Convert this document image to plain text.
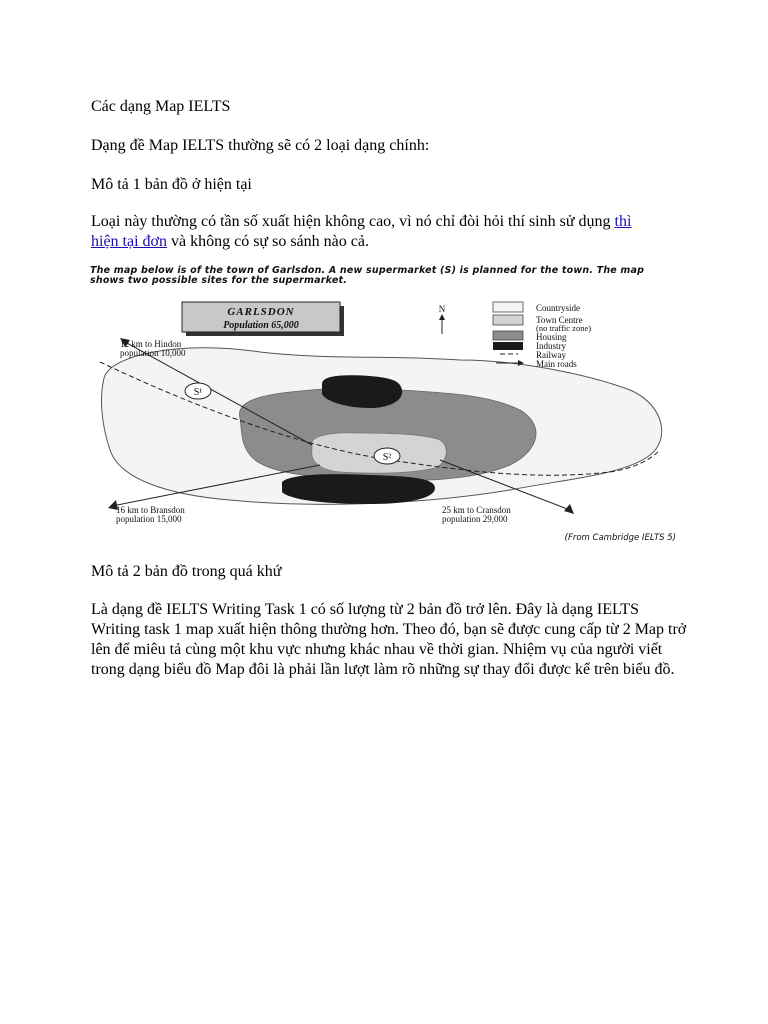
Các dạng Map IELTS

Dạng đề Map IELTS thường sẽ có 2 loại dạng chính:

Mô tả 1 bản đồ ở hiện tại

Loại này thường có tần số xuất hiện không cao, vì nó chỉ đòi hỏi thí sinh sử dụng thì hiện tại đơn và không có sự so sánh nào cả.

The map below is of the town of Garlsdon. A new supermarket (S) is planned for the town. The map shows two possible sites for the supermarket.
S¹
S²
GARLSDON
Population 65,000
N	Countryside
Town Centre
(no traffic zone)
Housing
Industry
Railway
Main roads
12 km to Hindon
population 10,000
16 km to Bransdon
population 15,000
25 km to Cransdon
population 29,000
(From Cambridge IELTS 5)

Mô tả 2 bản đồ trong quá khứ

Là dạng đề IELTS Writing Task 1 có số lượng từ 2 bản đồ trở lên. Đây là dạng IELTS Writing task 1 map xuất hiện thông thường hơn. Theo đó, bạn sẽ được cung cấp từ 2 Map trở lên để miêu tả cùng một khu vực nhưng khác nhau về thời gian. Nhiệm vụ của người viết trong dạng biểu đồ Map đôi là phải lần lượt làm rõ những sự thay đổi được kể trên biểu đồ.
